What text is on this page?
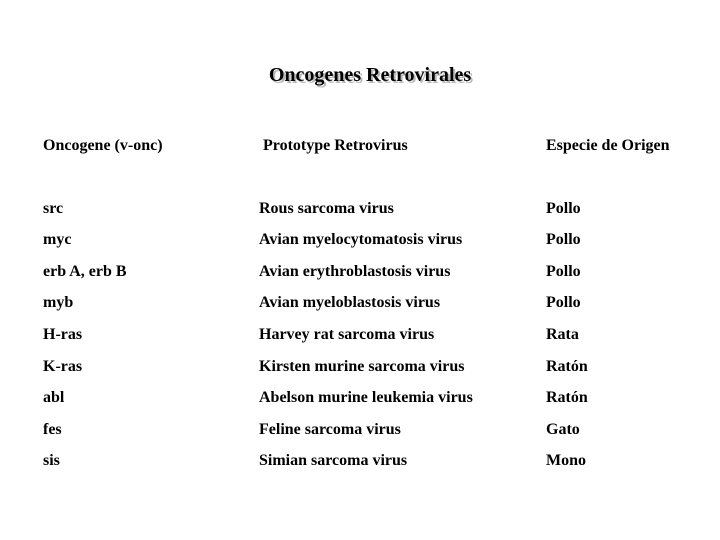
Oncogenes Retrovirales
Oncogene (v-onc)	Prototype Retrovirus	Especie de Origen
src	Rous sarcoma virus	Pollo
myc	Avian myelocytomatosis virus	Pollo
erb A, erb B	Avian erythroblastosis virus	Pollo
myb	Avian myeloblastosis virus	Pollo
H-ras	Harvey rat sarcoma virus	Rata
K-ras	Kirsten murine sarcoma virus	Ratón
abl	Abelson murine leukemia virus	Ratón
fes	Feline sarcoma virus	Gato
sis	Simian sarcoma virus	Mono
